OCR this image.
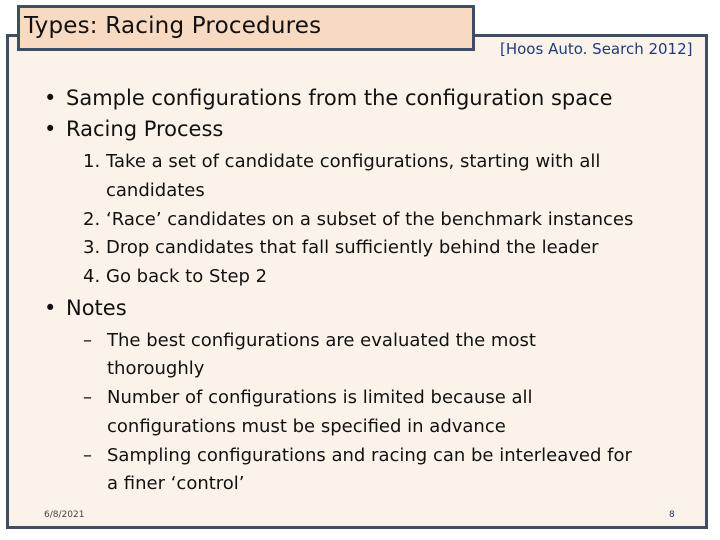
Types: Racing Procedures
[Hoos Auto. Search 2012]
• Sample configurations from the configuration space
• Racing Process
1. Take a set of candidate configurations, starting with all
candidates
2. ‘Race’ candidates on a subset of the benchmark instances
3. Drop candidates that fall sufficiently behind the leader
4. Go back to Step 2
• Notes
– The best configurations are evaluated the most
thoroughly
– Number of configurations is limited because all
configurations must be specified in advance
– Sampling configurations and racing can be interleaved for
a finer ‘control’
6/8/2021	8
